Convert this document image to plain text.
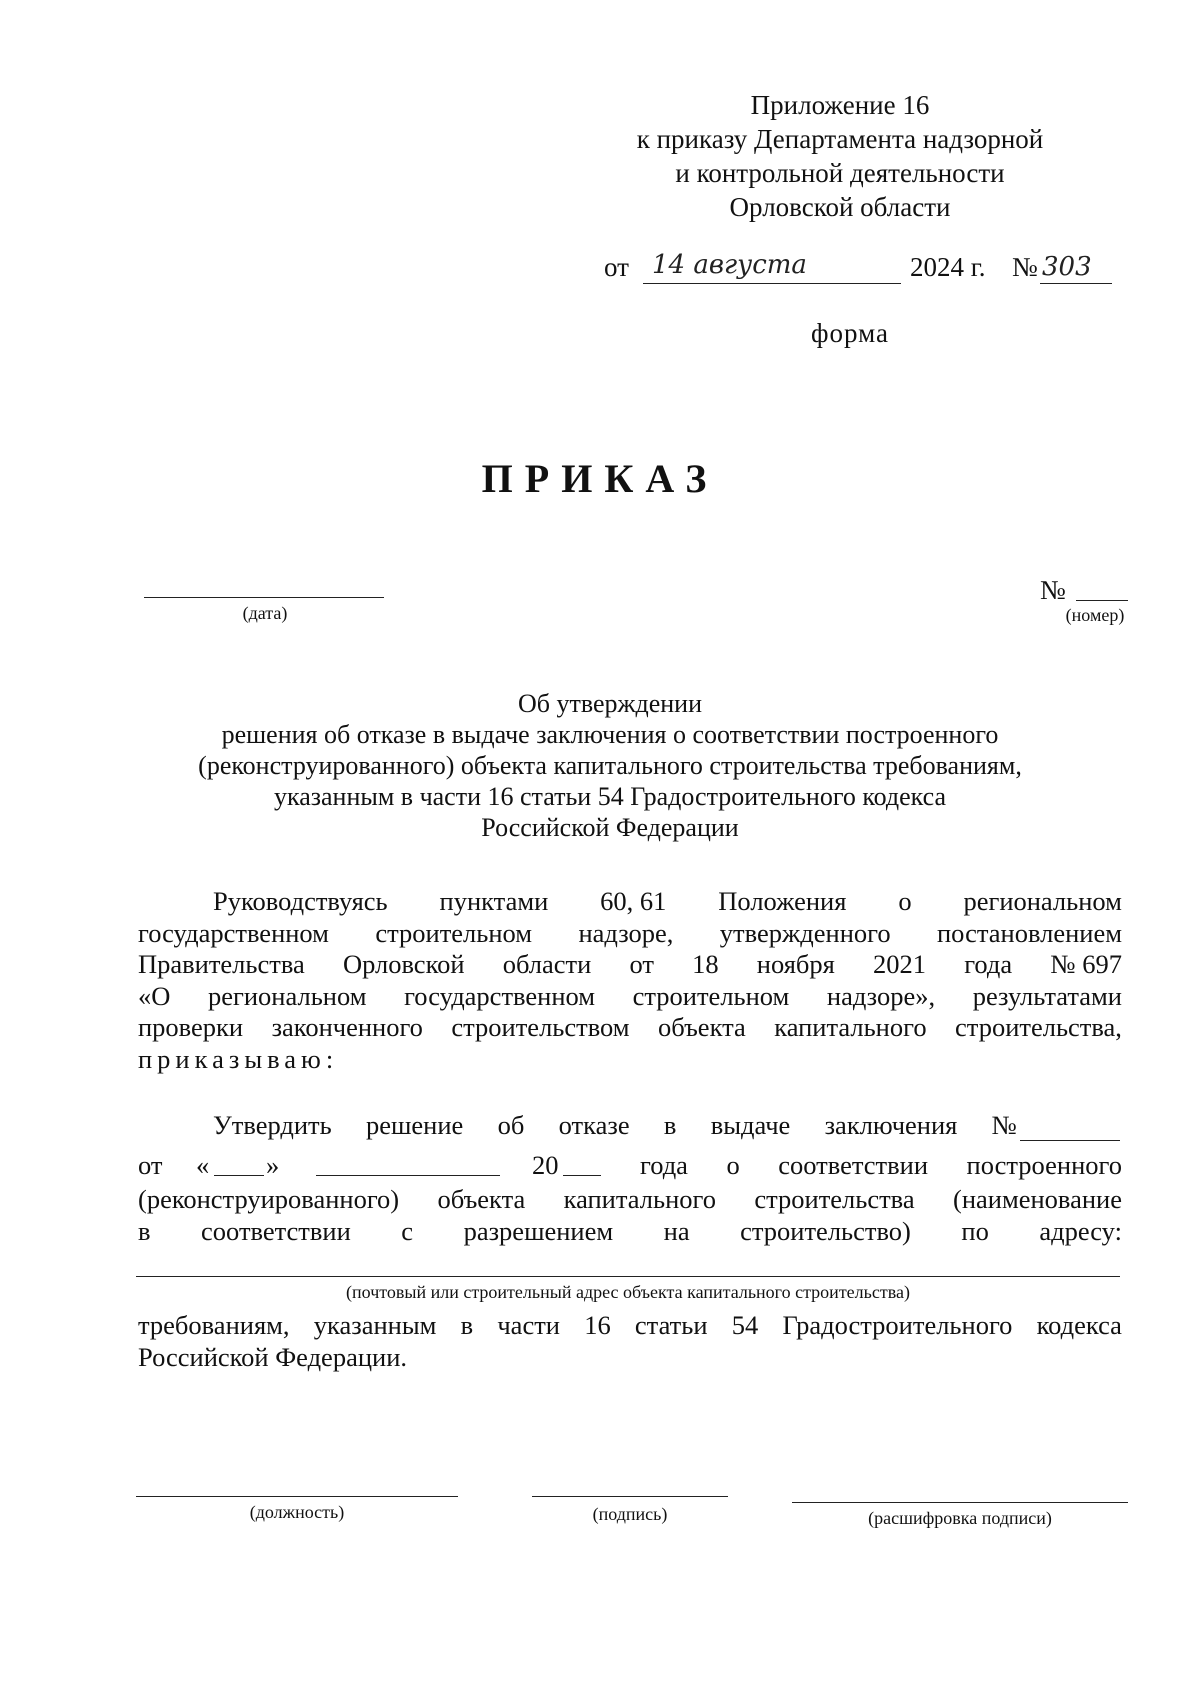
Приложение 16
к приказу Департамента надзорной
и контрольной деятельности
Орловской области
от 14 августа	2024 г. № 303
форма
ПРИКАЗ
(дата)
№
(номер)
Об утверждении
решения об отказе в выдаче заключения о соответствии построенного
(реконструированного) объекта капитального строительства требованиям,
указанным в части 16 статьи 54 Градостроительного кодекса
Российской Федерации
Руководствуясь пунктами 60, 61 Положения о региональном
государственном строительном надзоре, утвержденного постановлением
Правительства Орловской области от 18 ноября 2021 года № 697
«О региональном государственном строительном надзоре», результатами
проверки законченного строительством объекта капитального строительства,
приказываю:
Утвердить решение об отказе в выдаче заключения №
от « »	20	года о соответствии построенного
(реконструированного) объекта капитального строительства (наименование
в соответствии с разрешением на строительство) по адресу:
(почтовый или строительный адрес объекта капитального строительства)
требованиям, указанным в части 16 статьи 54 Градостроительного кодекса
Российской Федерации.
(должность)	(подпись)	(расшифровка подписи)
